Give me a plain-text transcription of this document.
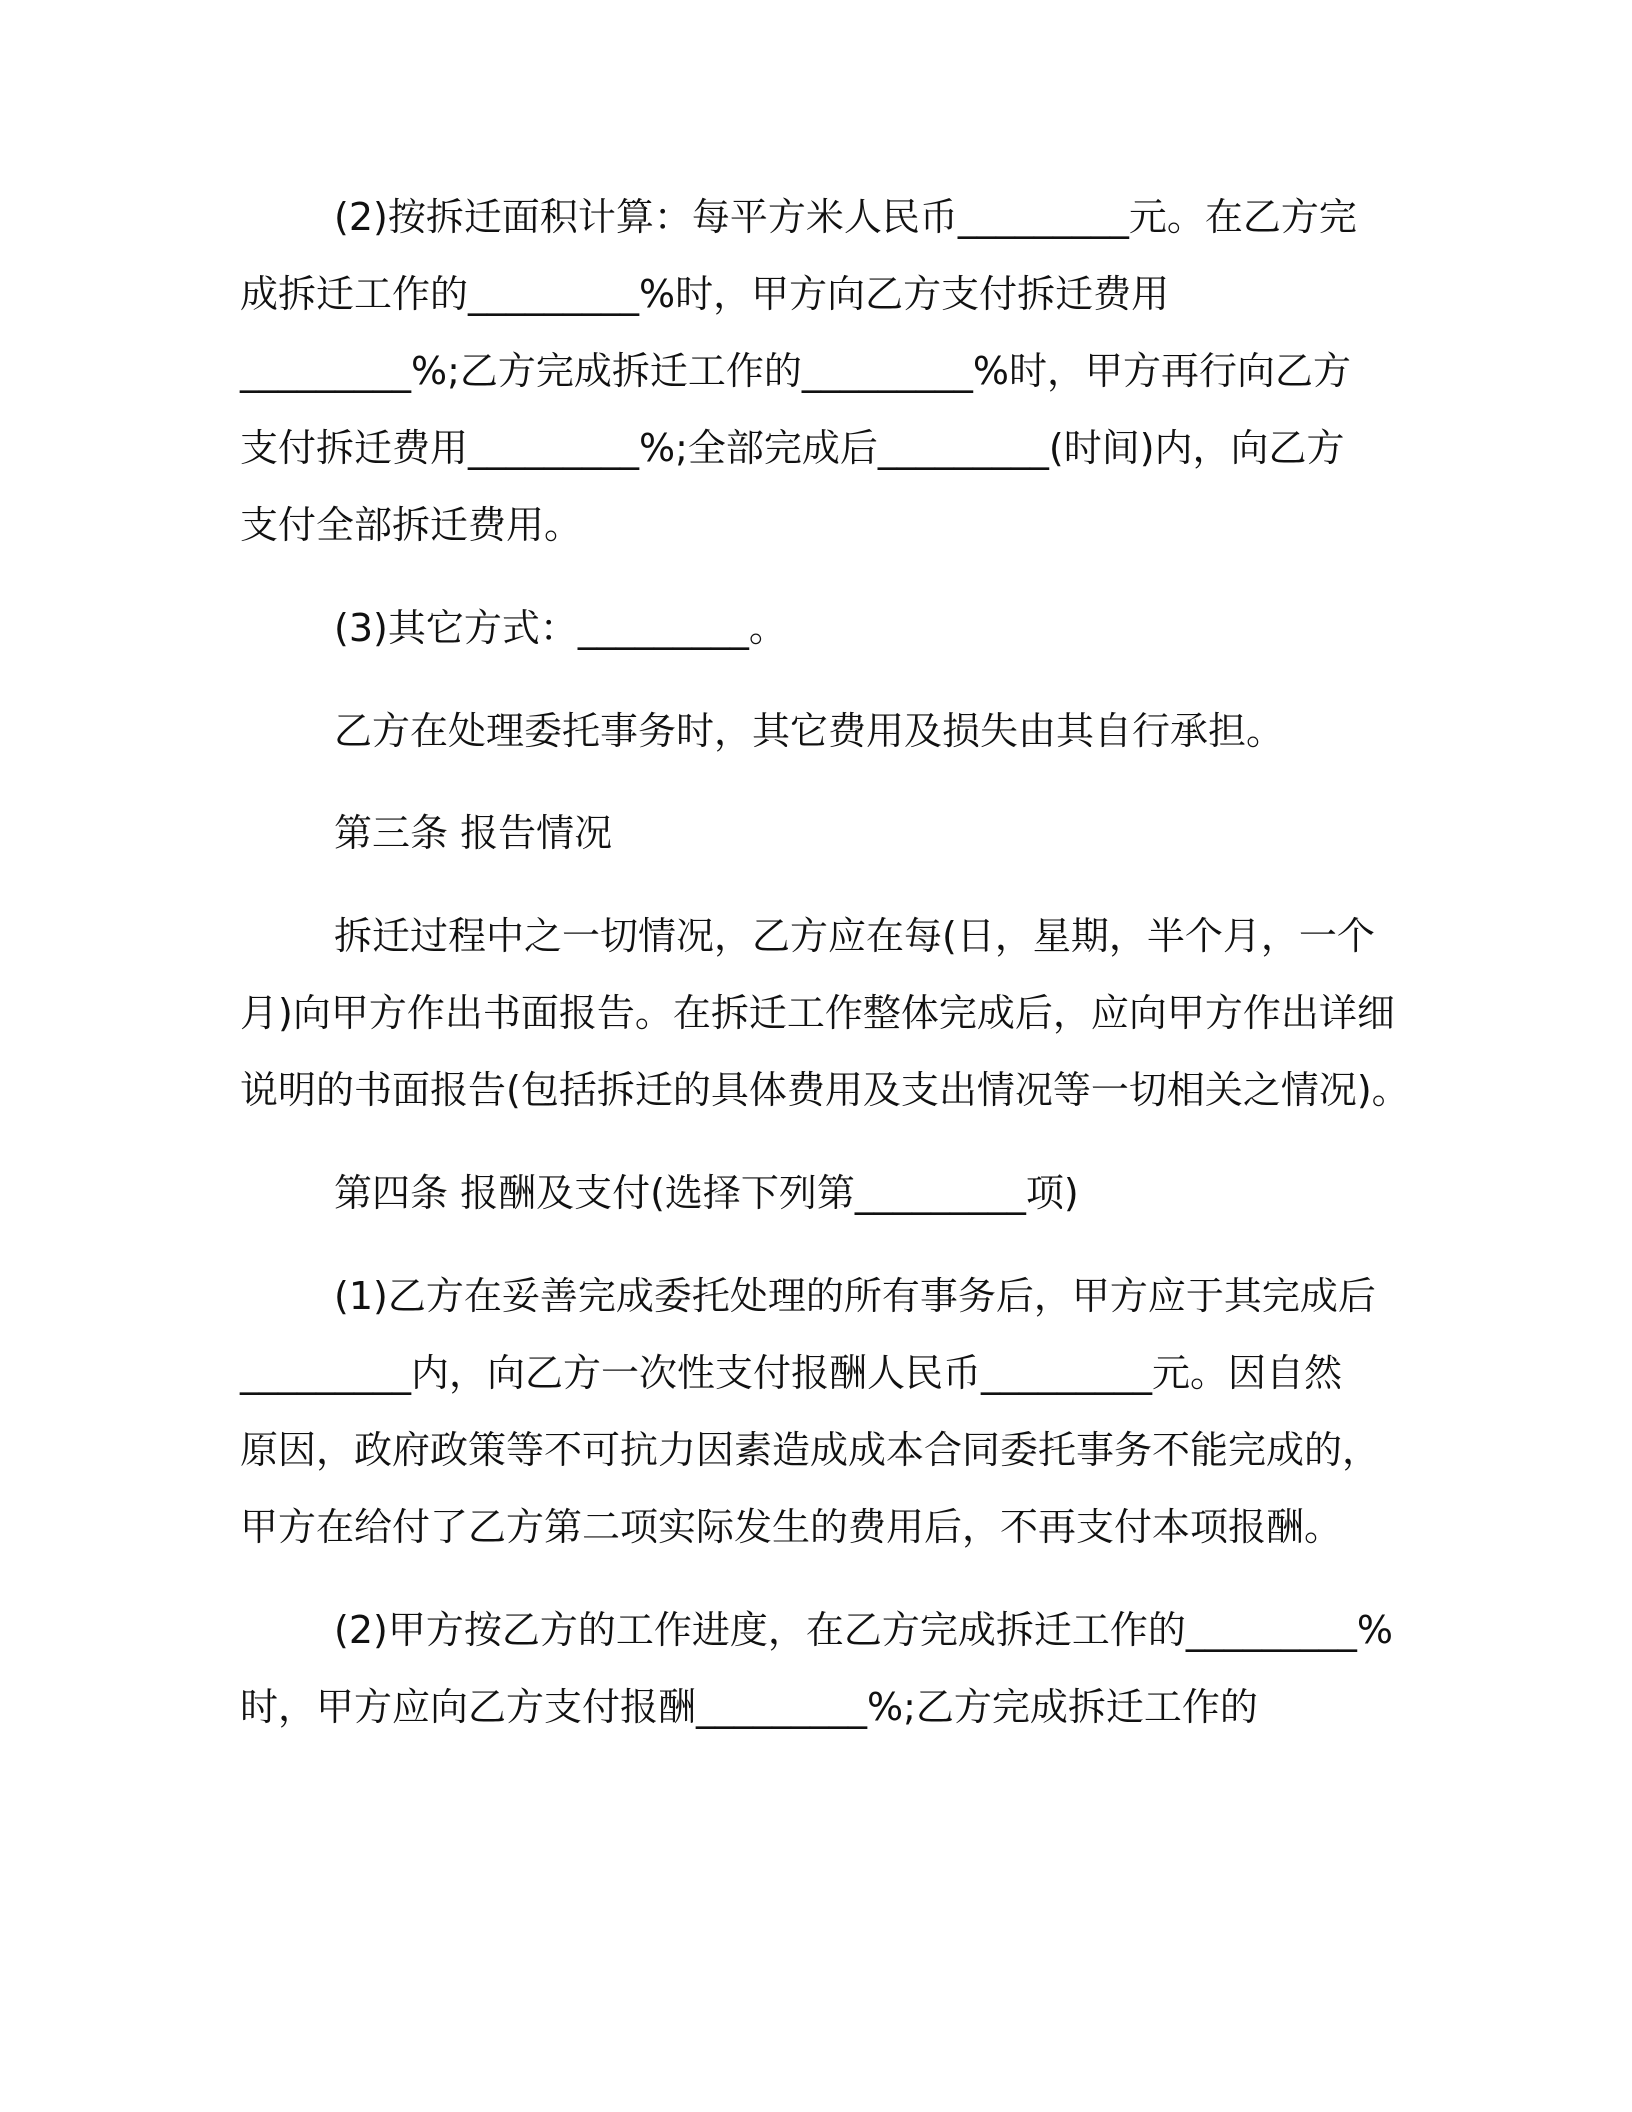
(2)按拆迁面积计算：每平方米人民币_________元。在乙方完
成拆迁工作的_________%时，甲方向乙方支付拆迁费用
_________%;乙方完成拆迁工作的_________%时，甲方再行向乙方
支付拆迁费用_________%;全部完成后_________(时间)内，向乙方
支付全部拆迁费用。
(3)其它方式：_________。
乙方在处理委托事务时，其它费用及损失由其自行承担。
第三条 报告情况
拆迁过程中之一切情况，乙方应在每(日，星期，半个月，一个
月)向甲方作出书面报告。在拆迁工作整体完成后，应向甲方作出详细
说明的书面报告(包括拆迁的具体费用及支出情况等一切相关之情况)。
第四条 报酬及支付(选择下列第_________项)
(1)乙方在妥善完成委托处理的所有事务后，甲方应于其完成后
_________内，向乙方一次性支付报酬人民币_________元。因自然
原因，政府政策等不可抗力因素造成成本合同委托事务不能完成的，
甲方在给付了乙方第二项实际发生的费用后，不再支付本项报酬。
(2)甲方按乙方的工作进度，在乙方完成拆迁工作的_________%
时，甲方应向乙方支付报酬_________%;乙方完成拆迁工作的
